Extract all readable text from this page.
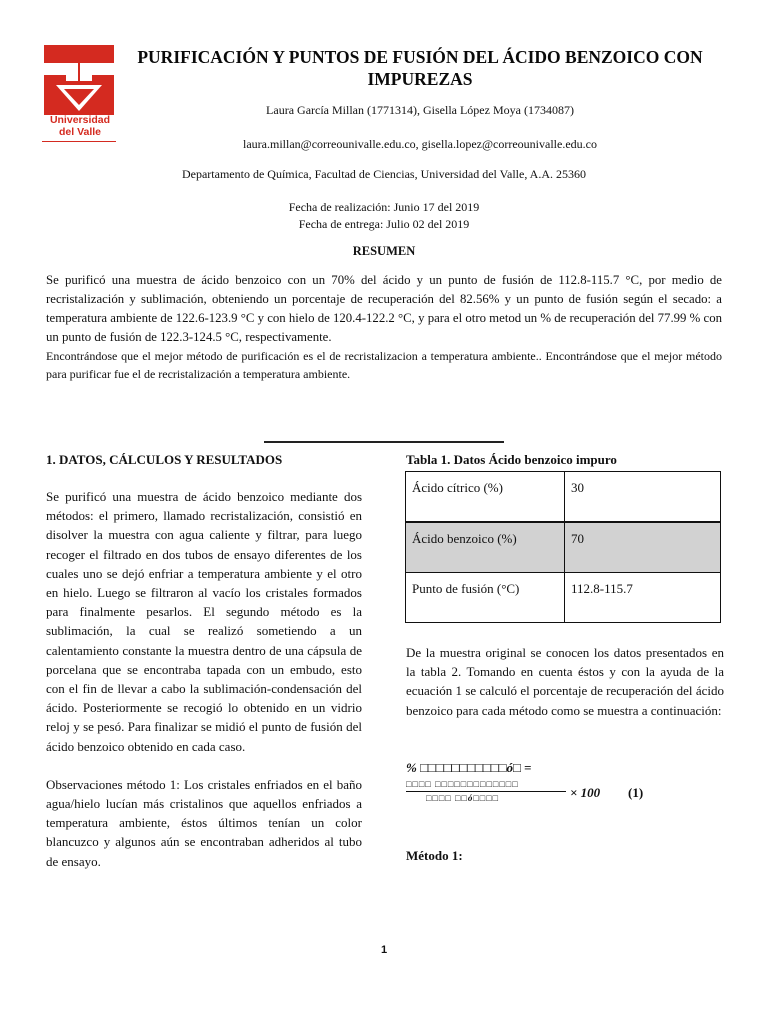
Universidad
del Valle
PURIFICACIÓN Y PUNTOS DE FUSIÓN DEL ÁCIDO BENZOICO CON
IMPUREZAS
Laura García Millan (1771314), Gisella López Moya (1734087)
laura.millan@correounivalle.edu.co, gisella.lopez@correounivalle.edu.co
Departamento de Química, Facultad de Ciencias, Universidad del Valle, A.A. 25360
Fecha de realización: Junio 17 del 2019
Fecha de entrega: Julio 02 del 2019
RESUMEN

Se purificó una muestra de ácido benzoico con un 70% del ácido y un punto de fusión de 112.8-115.7 °C, por medio de recristalización y sublimación, obteniendo un porcentaje de recuperación del 82.56% y un punto de fusión según el secado: a temperatura ambiente de 122.6-123.9 °C y con hielo de 120.4-122.2 °C, y para el otro metod un % de recuperación del 77.99 % con un punto de fusión de 122.3-124.5 °C, respectivamente.

Encontrándose que el mejor método de purificación es el de recristalizacion a temperatura ambiente.. Encontrándose que el mejor método para purificar fue el de recristalización a temperatura ambiente.

1. DATOS, CÁLCULOS Y RESULTADOS

Se purificó una muestra de ácido benzoico mediante dos métodos: el primero, llamado recristalización, consistió en disolver la muestra con agua caliente y filtrar, para luego recoger el filtrado en dos tubos de ensayo diferentes de los cuales uno se dejó enfriar a temperatura ambiente y el otro en hielo. Luego se filtraron al vacío los cristales formados para finalmente pesarlos. El segundo método es la sublimación, la cual se realizó sometiendo a un calentamiento constante la muestra dentro de una cápsula de porcelana que se encontraba tapada con un embudo, esto con el fin de llevar a cabo la sublimación-condensación del ácido. Posteriormente se recogió lo obtenido en un vidrio reloj y se pesó. Para finalizar se midió el punto de fusión del ácido benzoico obtenido en cada caso.

Observaciones método 1: Los cristales enfriados en el baño agua/hielo lucían más cristalinos que aquellos enfriados a temperatura ambiente, éstos últimos tenían un color blancuzco y algunos aún se encontraban adheridos al tubo de ensayo.

Tabla 1. Datos Ácido benzoico impuro
Ácido cítrico (%)	30
Ácido benzoico (%)	70
Punto de fusión (°C)	112.8-115.7

De la muestra original se conocen los datos presentados en la tabla 2. Tomando en cuenta éstos y con la ayuda de la ecuación 1 se calculó el porcentaje de recuperación del ácido benzoico para cada método como se muestra a continuación:

% □□□□□□□□□□□ó□ =
□□□□ □□□□□□□□□□□□□
□□□□ □□ó□□□□	× 100 (1)
Método 1:
1
